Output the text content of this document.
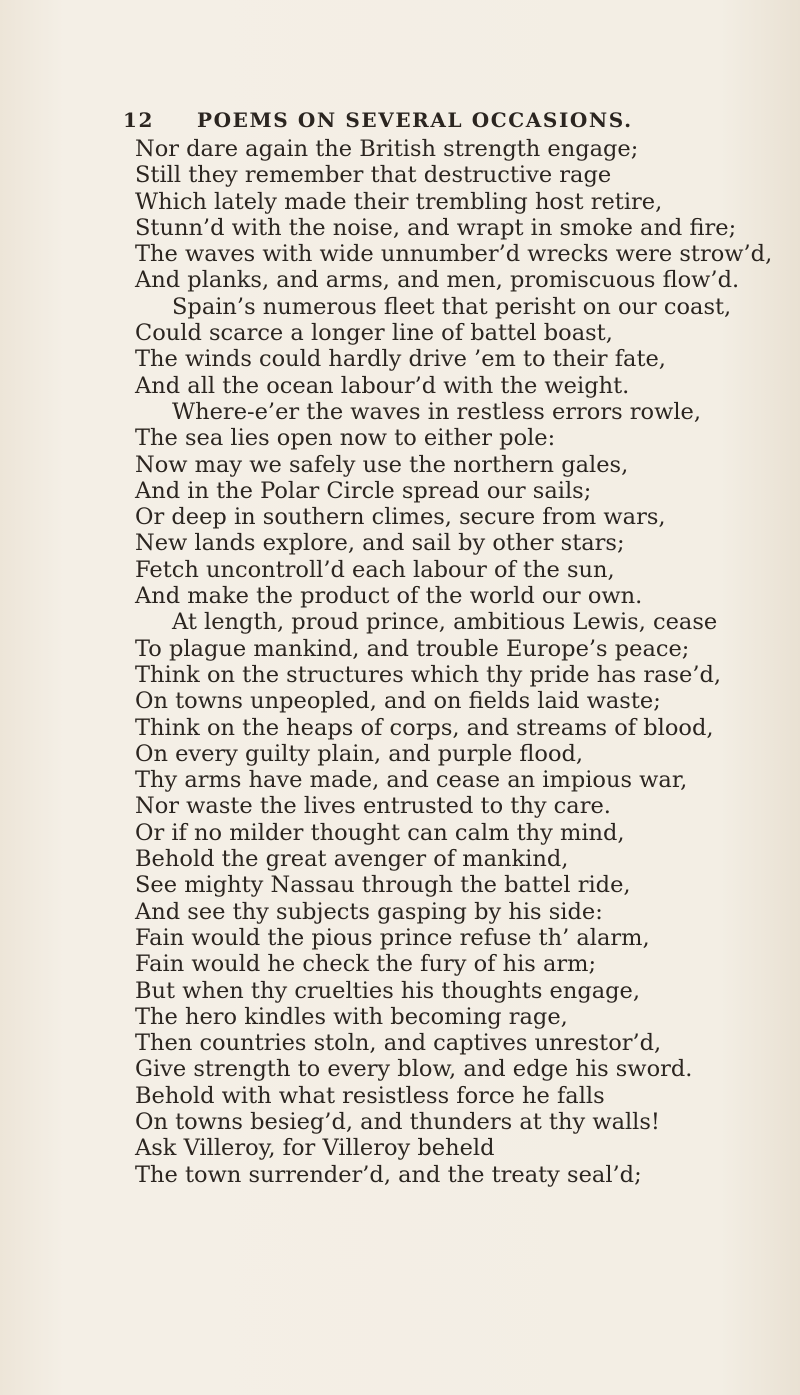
12 POEMS ON SEVERAL OCCASIONS.
Nor dare again the British strength engage;
Still they remember that destructive rage
Which lately made their trembling host retire,
Stunn’d with the noise, and wrapt in smoke and fire;
The waves with wide unnumber’d wrecks were strow’d,
And planks, and arms, and men, promiscuous flow’d.
Spain’s numerous fleet that perisht on our coast,
Could scarce a longer line of battel boast,
The winds could hardly drive ’em to their fate,
And all the ocean labour’d with the weight.
Where-e’er the waves in restless errors rowle,
The sea lies open now to either pole:
Now may we safely use the northern gales,
And in the Polar Circle spread our sails;
Or deep in southern climes, secure from wars,
New lands explore, and sail by other stars;
Fetch uncontroll’d each labour of the sun,
And make the product of the world our own.
At length, proud prince, ambitious Lewis, cease
To plague mankind, and trouble Europe’s peace;
Think on the structures which thy pride has rase’d,
On towns unpeopled, and on fields laid waste;
Think on the heaps of corps, and streams of blood,
On every guilty plain, and purple flood,
Thy arms have made, and cease an impious war,
Nor waste the lives entrusted to thy care.
Or if no milder thought can calm thy mind,
Behold the great avenger of mankind,
See mighty Nassau through the battel ride,
And see thy subjects gasping by his side:
Fain would the pious prince refuse th’ alarm,
Fain would he check the fury of his arm;
But when thy cruelties his thoughts engage,
The hero kindles with becoming rage,
Then countries stoln, and captives unrestor’d,
Give strength to every blow, and edge his sword.
Behold with what resistless force he falls
On towns besieg’d, and thunders at thy walls!
Ask Villeroy, for Villeroy beheld
The town surrender’d, and the treaty seal’d;
